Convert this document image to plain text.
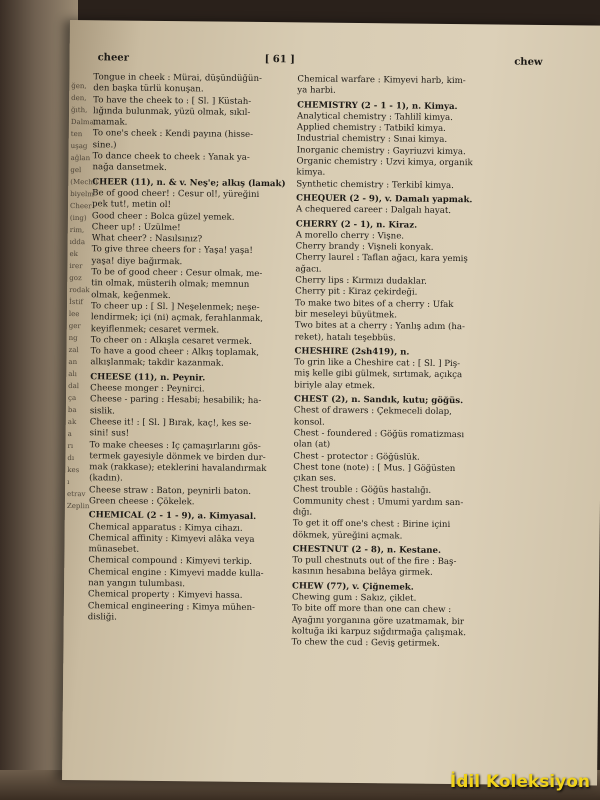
ğen,
den,
ğıth,
Dalma,
ten
uşag
ağlan
gel
(Mech.)
biyelm
Cheer
(ing)
rim,
ıdda
ek
irer
goz
rodak
İstif
lee
ger
ng
zal
an
alı
dal
ça
ba
ak
a
rı
dı
kes
ı
etrav
Zeplin
cheer	[ 61 ]	chew
Tongue in cheek : Mürai, düşündüğün-
den başka türlü konuşan.
To have the cheek to : [ Sl. ] Küstah-
lığında bulunmak, yüzü olmak, sıkıl-
mamak.
To one's cheek : Kendi payına (hisse-
sine.)
To dance cheek to cheek : Yanak ya-
nağa dansetmek.
CHEER (11), n. & v. Neş'e; alkış (lamak)
Be of good cheer! : Cesur ol!, yüreğini
pek tut!, metin ol!
Good cheer : Bolca güzel yemek.
Cheer up! : Üzülme!
What cheer? : Nasılsınız?
To give three cheers for : Yaşa! yaşa!
yaşa! diye bağırmak.
To be of good cheer : Cesur olmak, me-
tin olmak, müsterih olmak; memnun
olmak, keğenmek.
To cheer up : [ Sl. ] Neşelenmek; neşe-
lendirmek; içi (ni) açmak, ferahlanmak,
keyiflenmek; cesaret vermek.
To cheer on : Alkışla cesaret vermek.
To have a good cheer : Alkış toplamak,
alkışlanmak; takdir kazanmak.
CHEESE (11), n. Peynir.
Cheese monger : Peynirci.
Cheese - paring : Hesabi; hesabilik; ha-
sislik.
Cheese it! : [ Sl. ] Bırak, kaç!, kes se-
sini! sus!
To make cheeses : İç çamaşırlarını gös-
termek gayesiyle dönmek ve birden dur-
mak (rakkase); eteklerini havalandırmak
(kadın).
Cheese straw : Baton, peynirli baton.
Green cheese : Çökelek.
CHEMICAL (2 - 1 - 9), a. Kimyasal.
Chemical apparatus : Kimya cihazı.
Chemical affinity : Kimyevi alâka veya
münasebet.
Chemical compound : Kimyevi terkip.
Chemical engine : Kimyevi madde kulla-
nan yangın tulumbası.
Chemical property : Kimyevi hassa.
Chemical engineering : Kimya mühen-
disliği.
Chemical warfare : Kimyevi harb, kim-
ya harbi.
CHEMISTRY (2 - 1 - 1), n. Kimya.
Analytical chemistry : Tahlilî kimya.
Applied chemistry : Tatbikî kimya.
Industrial chemistry : Sınai kimya.
Inorganic chemistry : Gayriuzvi kimya.
Organic chemistry : Uzvi kimya, organik
kimya.
Synthetic chemistry : Terkibî kimya.
CHEQUER (2 - 9), v. Damalı yapmak.
A chequered career : Dalgalı hayat.
CHERRY (2 - 1), n. Kiraz.
A morello cherry : Vişne.
Cherry brandy : Vişneli konyak.
Cherry laurel : Taflan ağacı, kara yemiş
ağacı.
Cherry lips : Kırmızı dudaklar.
Cherry pit : Kiraz çekirdeği.
To make two bites of a cherry : Ufak
bir meseleyi büyütmek.
Two bites at a cherry : Yanlış adım (ha-
reket), hatalı teşebbüs.
CHESHIRE (2sh419), n.
To grin like a Cheshire cat : [ Sl. ] Piş-
miş kelle gibi gülmek, sırtımak, açıkça
biriyle alay etmek.
CHEST (2), n. Sandık, kutu; göğüs.
Chest of drawers : Çekmeceli dolap,
konsol.
Chest - foundered : Göğüs romatizması
olan (at)
Chest - protector : Göğüslük.
Chest tone (note) : [ Mus. ] Göğüsten
çıkan ses.
Chest trouble : Göğüs hastalığı.
Community chest : Umumi yardım san-
dığı.
To get it off one's chest : Birine içini
dökmek, yüreğini açmak.
CHESTNUT (2 - 8), n. Kestane.
To pull chestnuts out of the fire : Baş-
kasının hesabına belâya girmek.
CHEW (77), v. Çiğnemek.
Chewing gum : Sakız, çiklet.
To bite off more than one can chew :
Ayağını yorganına göre uzatmamak, bir
koltuğa iki karpuz sığdırmağa çalışmak.
To chew the cud : Geviş getirmek.
İdil Koleksiyon
